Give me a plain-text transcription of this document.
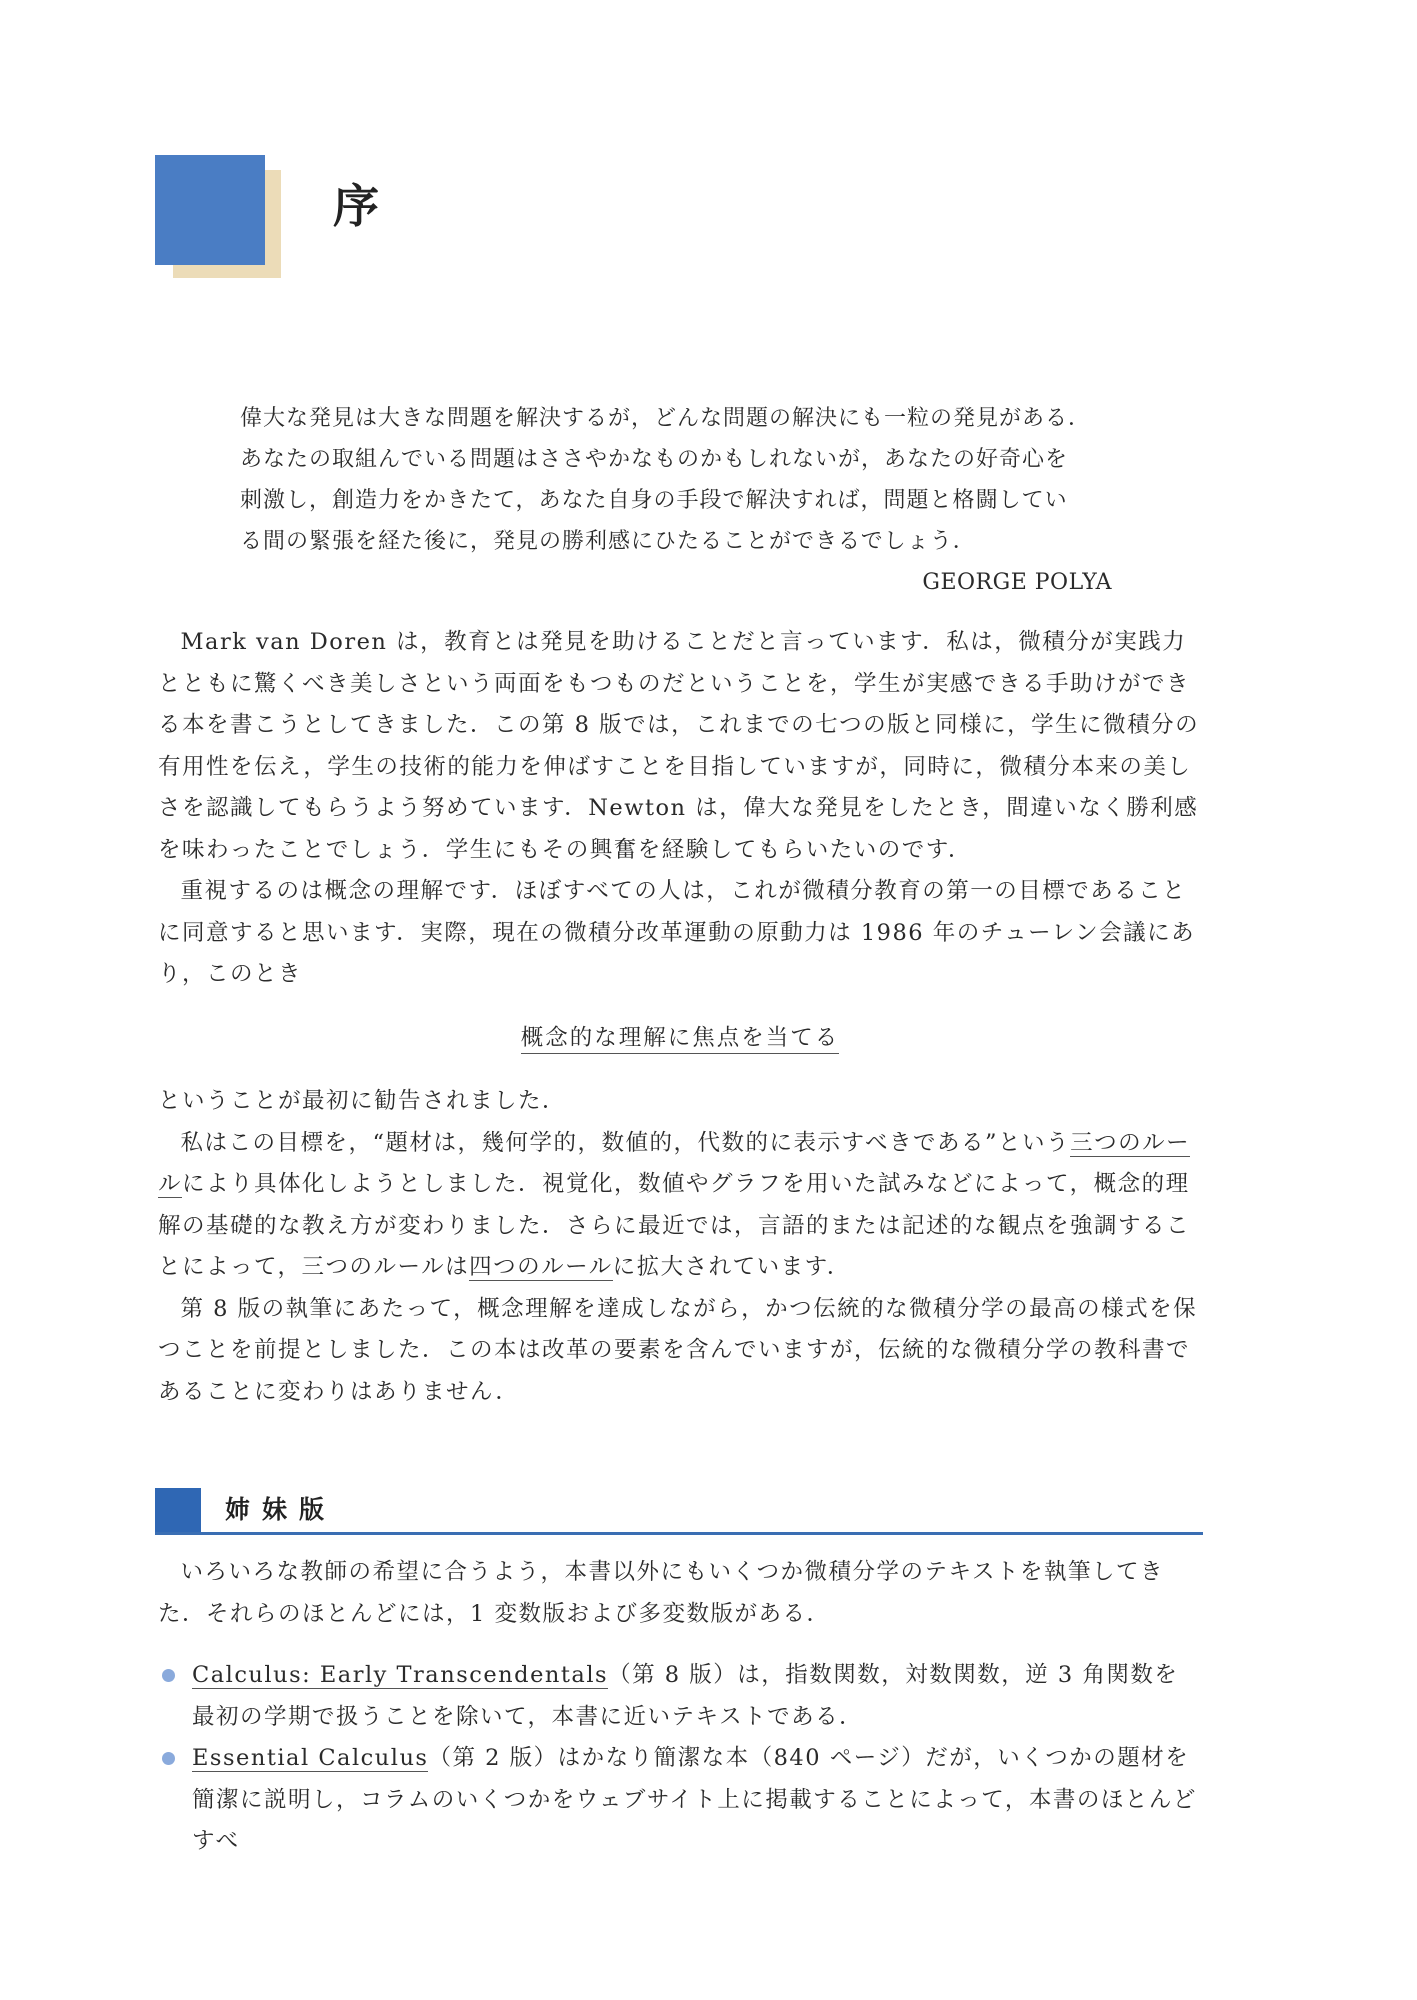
序

偉大な発見は大きな問題を解決するが，どんな問題の解決にも一粒の発見がある．

あなたの取組んでいる問題はささやかなものかもしれないが，あなたの好奇心を

刺激し，創造力をかきたて，あなた自身の手段で解決すれば，問題と格闘してい

る間の緊張を経た後に，発見の勝利感にひたることができるでしょう．

GEORGE POLYA

Mark van Doren は，教育とは発見を助けることだと言っています．私は，微積分が実践力とともに驚くべき美しさという両面をもつものだということを，学生が実感できる手助けができる本を書こうとしてきました．この第 8 版では，これまでの七つの版と同様に，学生に微積分の有用性を伝え，学生の技術的能力を伸ばすことを目指していますが，同時に，微積分本来の美しさを認識してもらうよう努めています．Newton は，偉大な発見をしたとき，間違いなく勝利感を味わったことでしょう．学生にもその興奮を経験してもらいたいのです．

重視するのは概念の理解です．ほぼすべての人は，これが微積分教育の第一の目標であることに同意すると思います．実際，現在の微積分改革運動の原動力は 1986 年のチューレン会議にあり，このとき

概念的な理解に焦点を当てる

ということが最初に勧告されました．

私はこの目標を，“題材は，幾何学的，数値的，代数的に表示すべきである”という三つのルールにより具体化しようとしました．視覚化，数値やグラフを用いた試みなどによって，概念的理解の基礎的な教え方が変わりました．さらに最近では，言語的または記述的な観点を強調することによって，三つのルールは四つのルールに拡大されています．

第 8 版の執筆にあたって，概念理解を達成しながら，かつ伝統的な微積分学の最高の様式を保つことを前提としました．この本は改革の要素を含んでいますが，伝統的な微積分学の教科書であることに変わりはありません．

姉妹版

いろいろな教師の希望に合うよう，本書以外にもいくつか微積分学のテキストを執筆してきた．それらのほとんどには，1 変数版および多変数版がある．

Calculus: Early Transcendentals（第 8 版）は，指数関数，対数関数，逆 3 角関数を最初の学期で扱うことを除いて，本書に近いテキストである．
Essential Calculus（第 2 版）はかなり簡潔な本（840 ページ）だが，いくつかの題材を簡潔に説明し，コラムのいくつかをウェブサイト上に掲載することによって，本書のほとんどすべ
